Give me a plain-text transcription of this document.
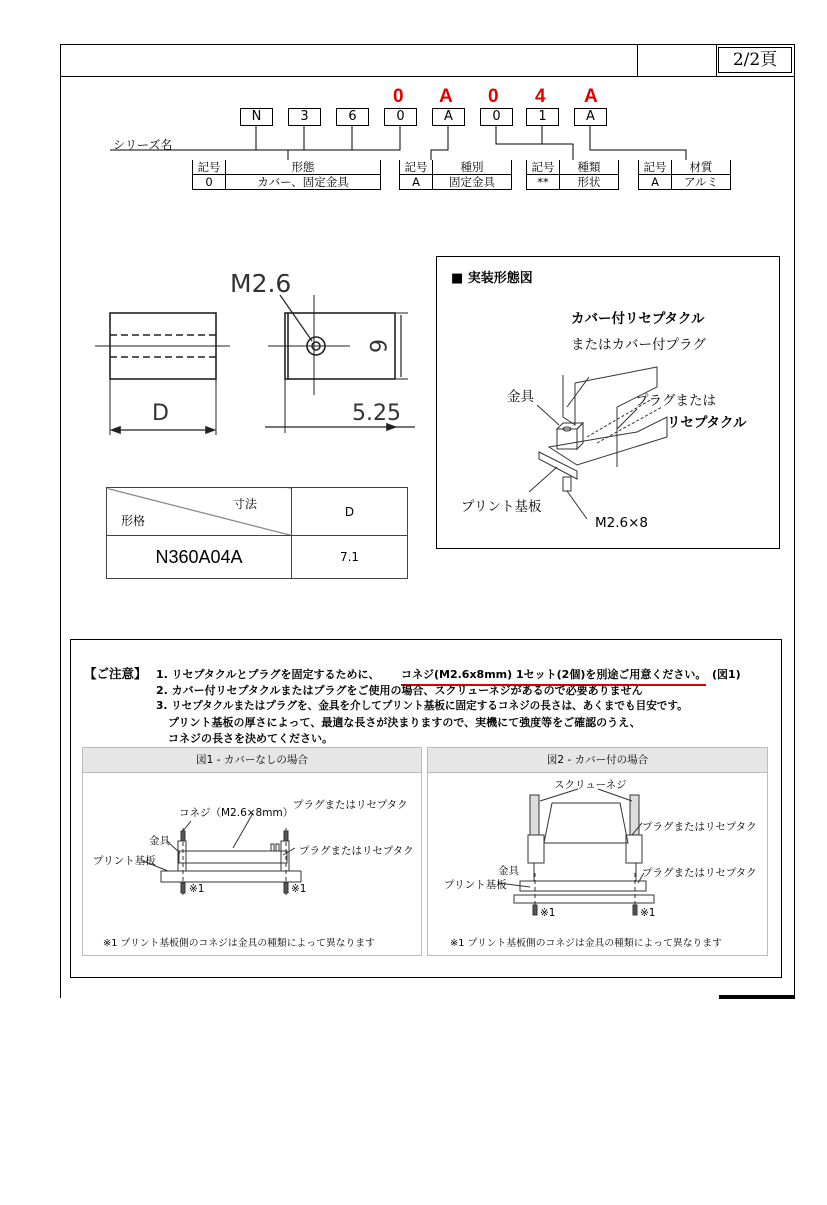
2/2頁
0 A 0 4 A
N	3	6	0	A	0	1	A
シリーズ名
記号	形態
0	カバー、固定金具
記号	種別
A	固定金具
記号	種類
**	形状
記号	材質
A	アルミ
M2.6
D
6
5.25
寸法
形格	D
N360A04A	7.1
■ 実装形態図
カバー付リセプタクル
またはカバー付プラグ
金具	プラグまたは
リセプタクル
プリント基板
M2.6×8
【ご注意】 1. リセプタクルとプラグを固定するために、 コネジ(M2.6x8mm) 1セット(2個)を別途ご用意ください。 (図1)
2. カバー付リセプタクルまたはプラグをご使用の場合、スクリューネジがあるので必要ありません
3. リセプタクルまたはプラグを、金具を介してプリント基板に固定するコネジの長さは、あくまでも目安です。
プリント基板の厚さによって、最適な長さが決まりますので、実機にて強度等をご確認のうえ、
コネジの長さを決めてください。
図1 - カバーなしの場合
コネジ（M2.6×8mm）
プラグまたはリセプタク
プラグまたはリセプタク
金具
プリント基板
※1	※1
※1 プリント基板側のコネジは金具の種類によって異なります
図2 - カバー付の場合
スクリューネジ
プラグまたはリセプタク
プラグまたはリセプタク
金具
プリント基板
※1	※1
※1 プリント基板側のコネジは金具の種類によって異なります
